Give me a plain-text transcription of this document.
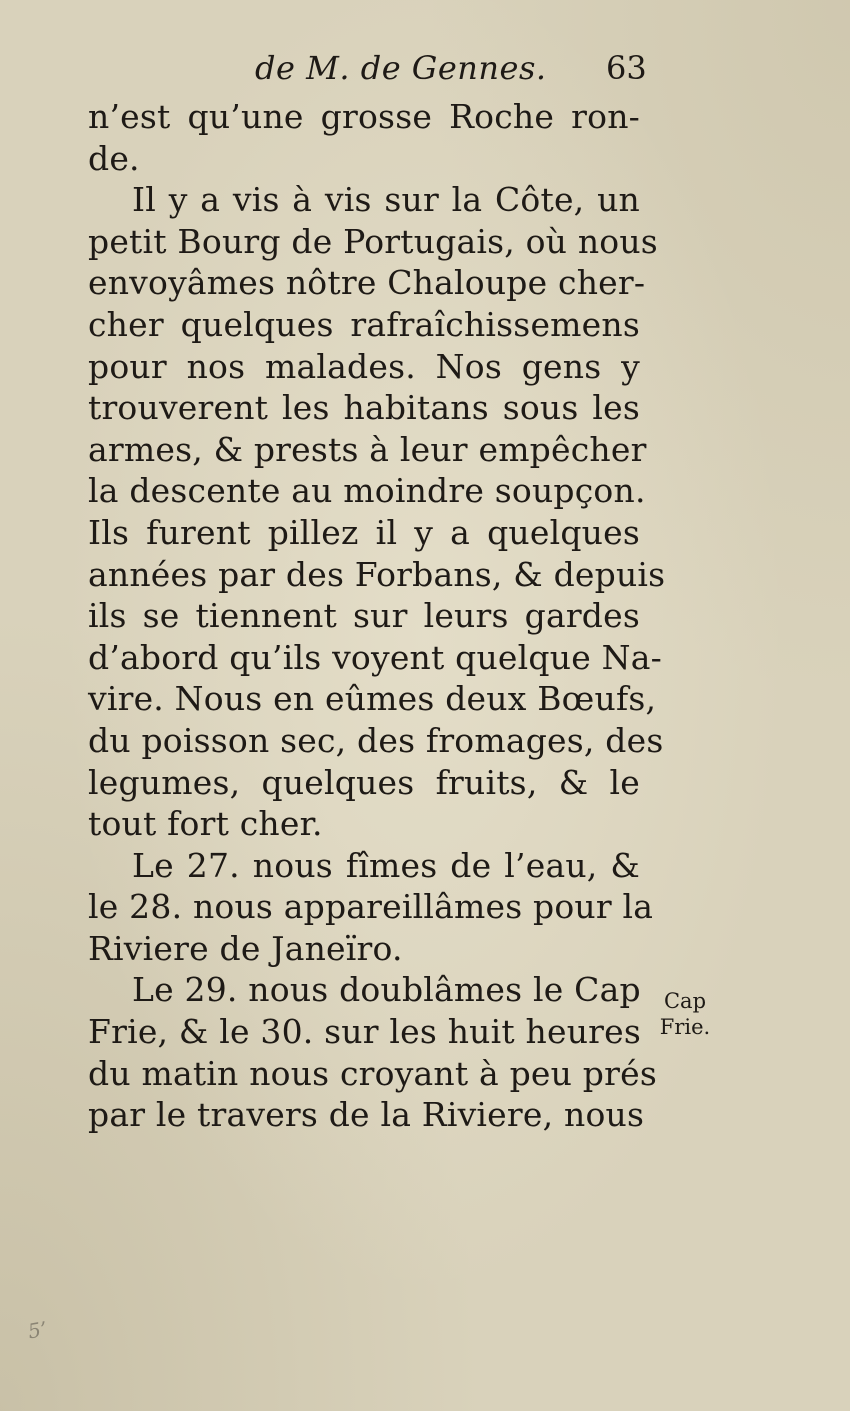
de M. de Gennes. 63
n’est qu’une grosse Roche ron-
de.
Il y a vis à vis sur la Côte, un
petit Bourg de Portugais, où nous
envoyâmes nôtre Chaloupe cher-
cher quelques rafraîchissemens
pour nos malades. Nos gens y
trouverent les habitans sous les
armes, & prests à leur empêcher
la descente au moindre soupçon.
Ils furent pillez il y a quelques
années par des Forbans, & depuis
ils se tiennent sur leurs gardes
d’abord qu’ils voyent quelque Na-
vire. Nous en eûmes deux Bœufs,
du poisson sec, des fromages, des
legumes, quelques fruits, & le
tout fort cher.
Le 27. nous fîmes de l’eau, &
le 28. nous appareillâmes pour la
Riviere de Janeïro.
Le 29. nous doublâmes le Cap
Frie, & le 30. sur les huit heures
du matin nous croyant à peu prés
par le travers de la Riviere, nous
Cap
Frie.
5’
